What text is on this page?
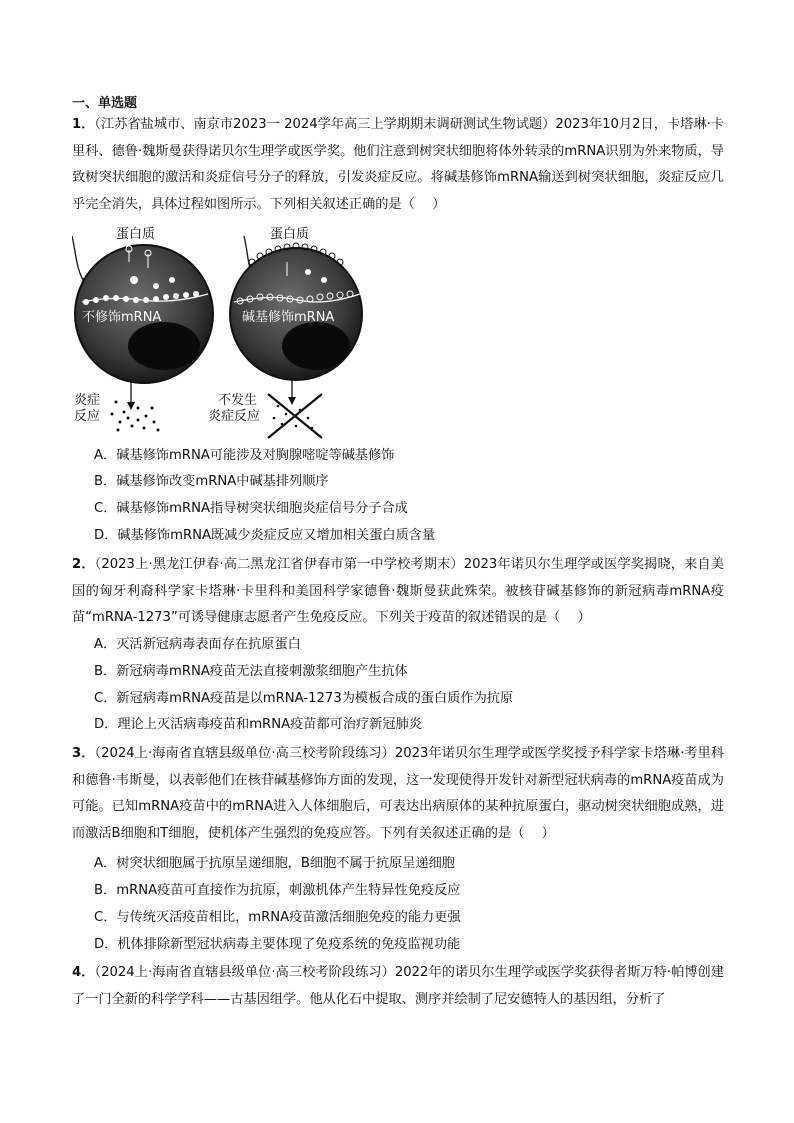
一、单选题
1．（江苏省盐城市、南京市2023一 2024学年高三上学期期末调研测试生物试题）2023年10月2日，卡塔琳·卡里科、德鲁·魏斯曼获得诺贝尔生理学或医学奖。他们注意到树突状细胞将体外转录的mRNA识别为外来物质，导致树突状细胞的激活和炎症信号分子的释放，引发炎症反应。将碱基修饰mRNA输送到树突状细胞，炎症反应几乎完全消失，具体过程如图所示。下列相关叙述正确的是（　 ）
蛋白质
不修饰mRNA
炎症
反应
蛋白质
碱基修饰mRNA
不发生
炎症反应
A．碱基修饰mRNA可能涉及对胸腺嘧啶等碱基修饰
B．碱基修饰改变mRNA中碱基排列顺序
C．碱基修饰mRNA指导树突状细胞炎症信号分子合成
D．碱基修饰mRNA既减少炎症反应又增加相关蛋白质含量
2．（2023上·黑龙江伊春·高二黑龙江省伊春市第一中学校考期末）2023年诺贝尔生理学或医学奖揭晓，来自美国的匈牙利裔科学家卡塔琳·卡里科和美国科学家德鲁·魏斯曼获此殊荣。被核苷碱基修饰的新冠病毒mRNA疫苗“mRNA-1273”可诱导健康志愿者产生免疫反应。下列关于疫苗的叙述错误的是（　 ）
A．灭活新冠病毒表面存在抗原蛋白
B．新冠病毒mRNA疫苗无法直接刺激浆细胞产生抗体
C．新冠病毒mRNA疫苗是以mRNA-1273为模板合成的蛋白质作为抗原
D．理论上灭活病毒疫苗和mRNA疫苗都可治疗新冠肺炎
3．（2024上·海南省直辖县级单位·高三校考阶段练习）2023年诺贝尔生理学或医学奖授予科学家卡塔琳·考里科和德鲁·韦斯曼，以表彰他们在核苷碱基修饰方面的发现，这一发现使得开发针对新型冠状病毒的mRNA疫苗成为可能。已知mRNA疫苗中的mRNA进入人体细胞后，可表达出病原体的某种抗原蛋白，驱动树突状细胞成熟，进而激活B细胞和T细胞，使机体产生强烈的免疫应答。下列有关叙述正确的是（　 ）
A．树突状细胞属于抗原呈递细胞，B细胞不属于抗原呈递细胞
B．mRNA疫苗可直接作为抗原，刺激机体产生特异性免疫反应
C．与传统灭活疫苗相比，mRNA疫苗激活细胞免疫的能力更强
D．机体排除新型冠状病毒主要体现了免疫系统的免疫监视功能
4．（2024上·海南省直辖县级单位·高三校考阶段练习）2022年的诺贝尔生理学或医学奖获得者斯万特·帕博创建了一门全新的科学学科——古基因组学。他从化石中提取、测序并绘制了尼安德特人的基因组，分析了
